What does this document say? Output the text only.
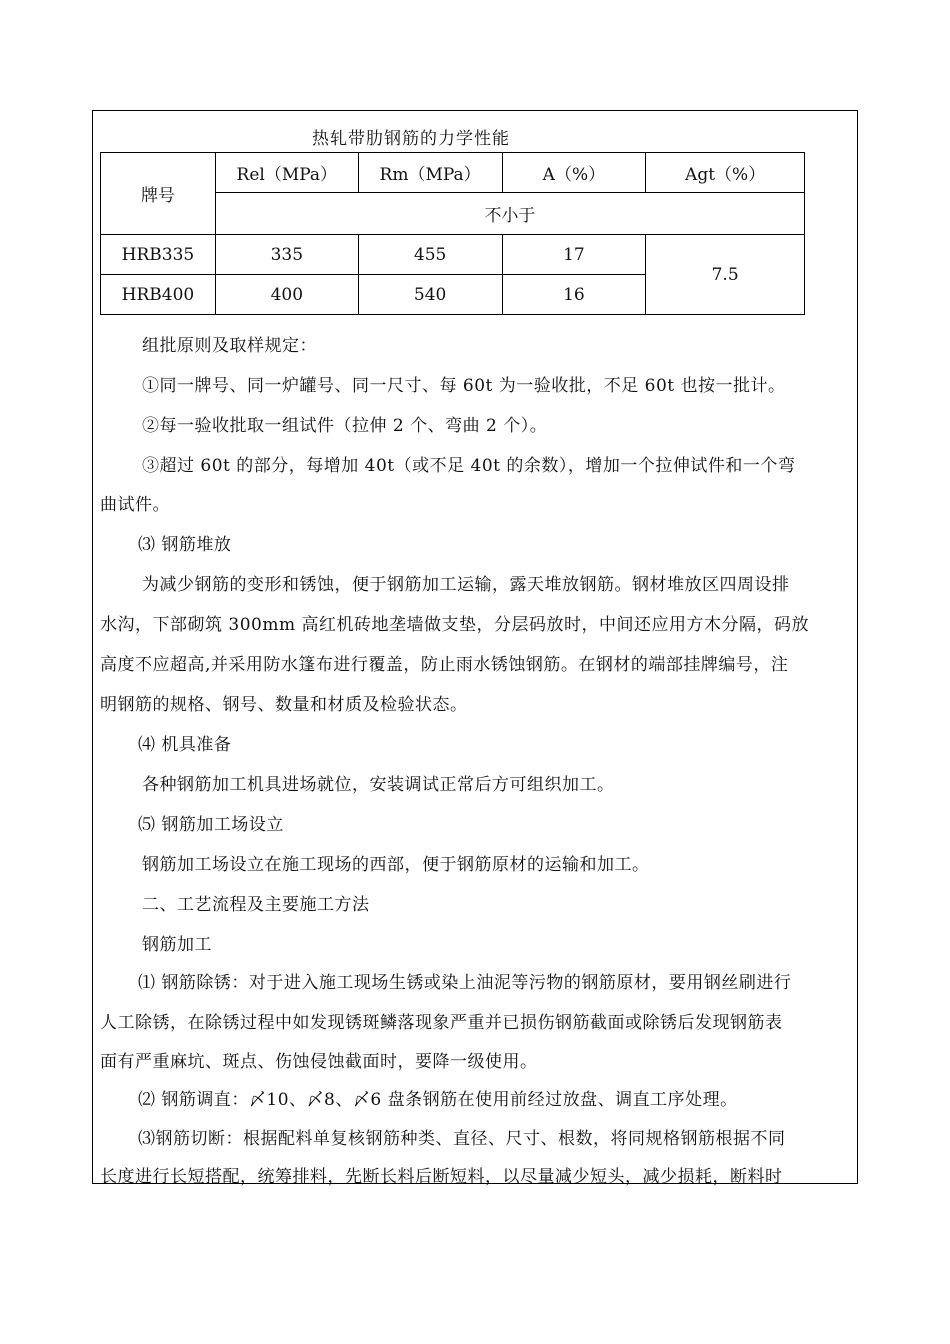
热轧带肋钢筋的力学性能
牌号	Rel（MPa）	Rm（MPa）	A（%）	Agt（%）
	不小于			
HRB335	335	455	17	7.5
HRB400	400	540	16	
组批原则及取样规定：
①同一牌号、同一炉罐号、同一尺寸、每 60t 为一验收批，不足 60t 也按一批计。
②每一验收批取一组试件（拉伸 2 个、弯曲 2 个）。
③超过 60t 的部分，每增加 40t（或不足 40t 的余数），增加一个拉伸试件和一个弯
曲试件。
⑶ 钢筋堆放
为减少钢筋的变形和锈蚀，便于钢筋加工运输，露天堆放钢筋。钢材堆放区四周设排
水沟，下部砌筑 300mm 高红机砖地垄墙做支垫，分层码放时，中间还应用方木分隔，码放
高度不应超高,并采用防水篷布进行覆盖，防止雨水锈蚀钢筋。在钢材的端部挂牌编号，注
明钢筋的规格、钢号、数量和材质及检验状态。
⑷ 机具准备
各种钢筋加工机具进场就位，安装调试正常后方可组织加工。
⑸ 钢筋加工场设立
钢筋加工场设立在施工现场的西部，便于钢筋原材的运输和加工。
二、工艺流程及主要施工方法
钢筋加工
⑴ 钢筋除锈：对于进入施工现场生锈或染上油泥等污物的钢筋原材，要用钢丝刷进行
人工除锈，在除锈过程中如发现锈斑鳞落现象严重并已损伤钢筋截面或除锈后发现钢筋表
面有严重麻坑、斑点、伤蚀侵蚀截面时，要降一级使用。
⑵ 钢筋调直：〆10、〆8、〆6 盘条钢筋在使用前经过放盘、调直工序处理。
⑶钢筋切断：根据配料单复核钢筋种类、直径、尺寸、根数，将同规格钢筋根据不同
长度进行长短搭配，统筹排料，先断长料后断短料，以尽量减少短头，减少损耗，断料时
